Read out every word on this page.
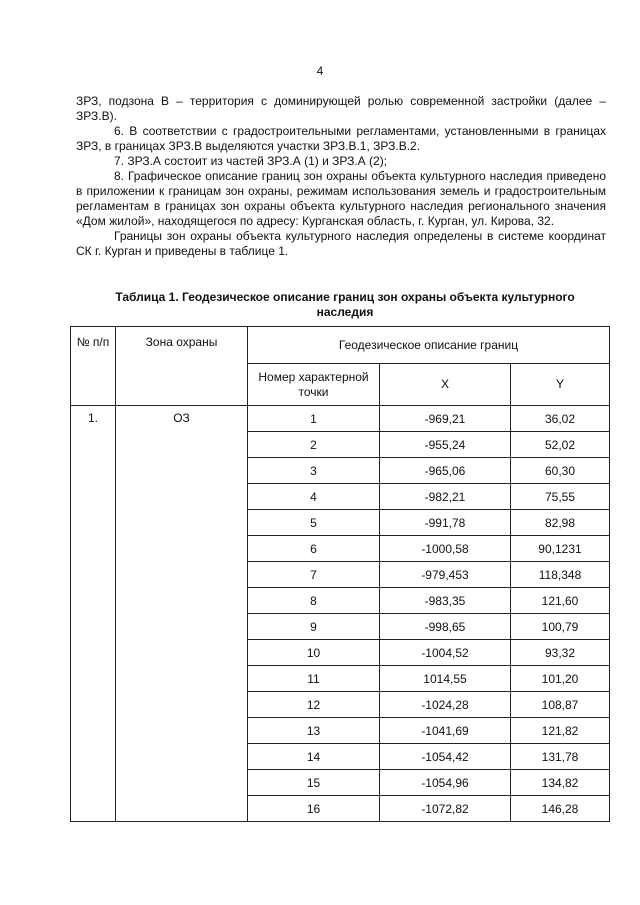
4

ЗРЗ, подзона В – территория с доминирующей ролью современной застройки (далее – ЗРЗ.В).

6. В соответствии с градостроительными регламентами, установленными в границах ЗРЗ, в границах ЗРЗ.В выделяются участки ЗРЗ.В.1, ЗРЗ.В.2.

7. ЗРЗ.А состоит из частей ЗРЗ.А (1) и ЗРЗ.А (2);

8. Графическое описание границ зон охраны объекта культурного наследия приведено в приложении к границам зон охраны, режимам использования земель и градостроительным регламентам в границах зон охраны объекта культурного наследия регионального значения «Дом жилой», находящегося по адресу: Курганская область, г. Курган, ул. Кирова, 32.

Границы зон охраны объекта культурного наследия определены в системе координат СК г. Курган и приведены в таблице 1.

Таблица 1. Геодезическое описание границ зон охраны объекта культурного наследия
№ п/п	Зона охраны	Геодезическое описание границ		
		Номер характерной точки	X	Y
1.	ОЗ	1	-969,21	36,02
		2	-955,24	52,02
		3	-965,06	60,30
		4	-982,21	75,55
		5	-991,78	82,98
		6	-1000,58	90,1231
		7	-979,453	118,348
		8	-983,35	121,60
		9	-998,65	100,79
		10	-1004,52	93,32
		11	1014,55	101,20
		12	-1024,28	108,87
		13	-1041,69	121,82
		14	-1054,42	131,78
		15	-1054,96	134,82
		16	-1072,82	146,28
